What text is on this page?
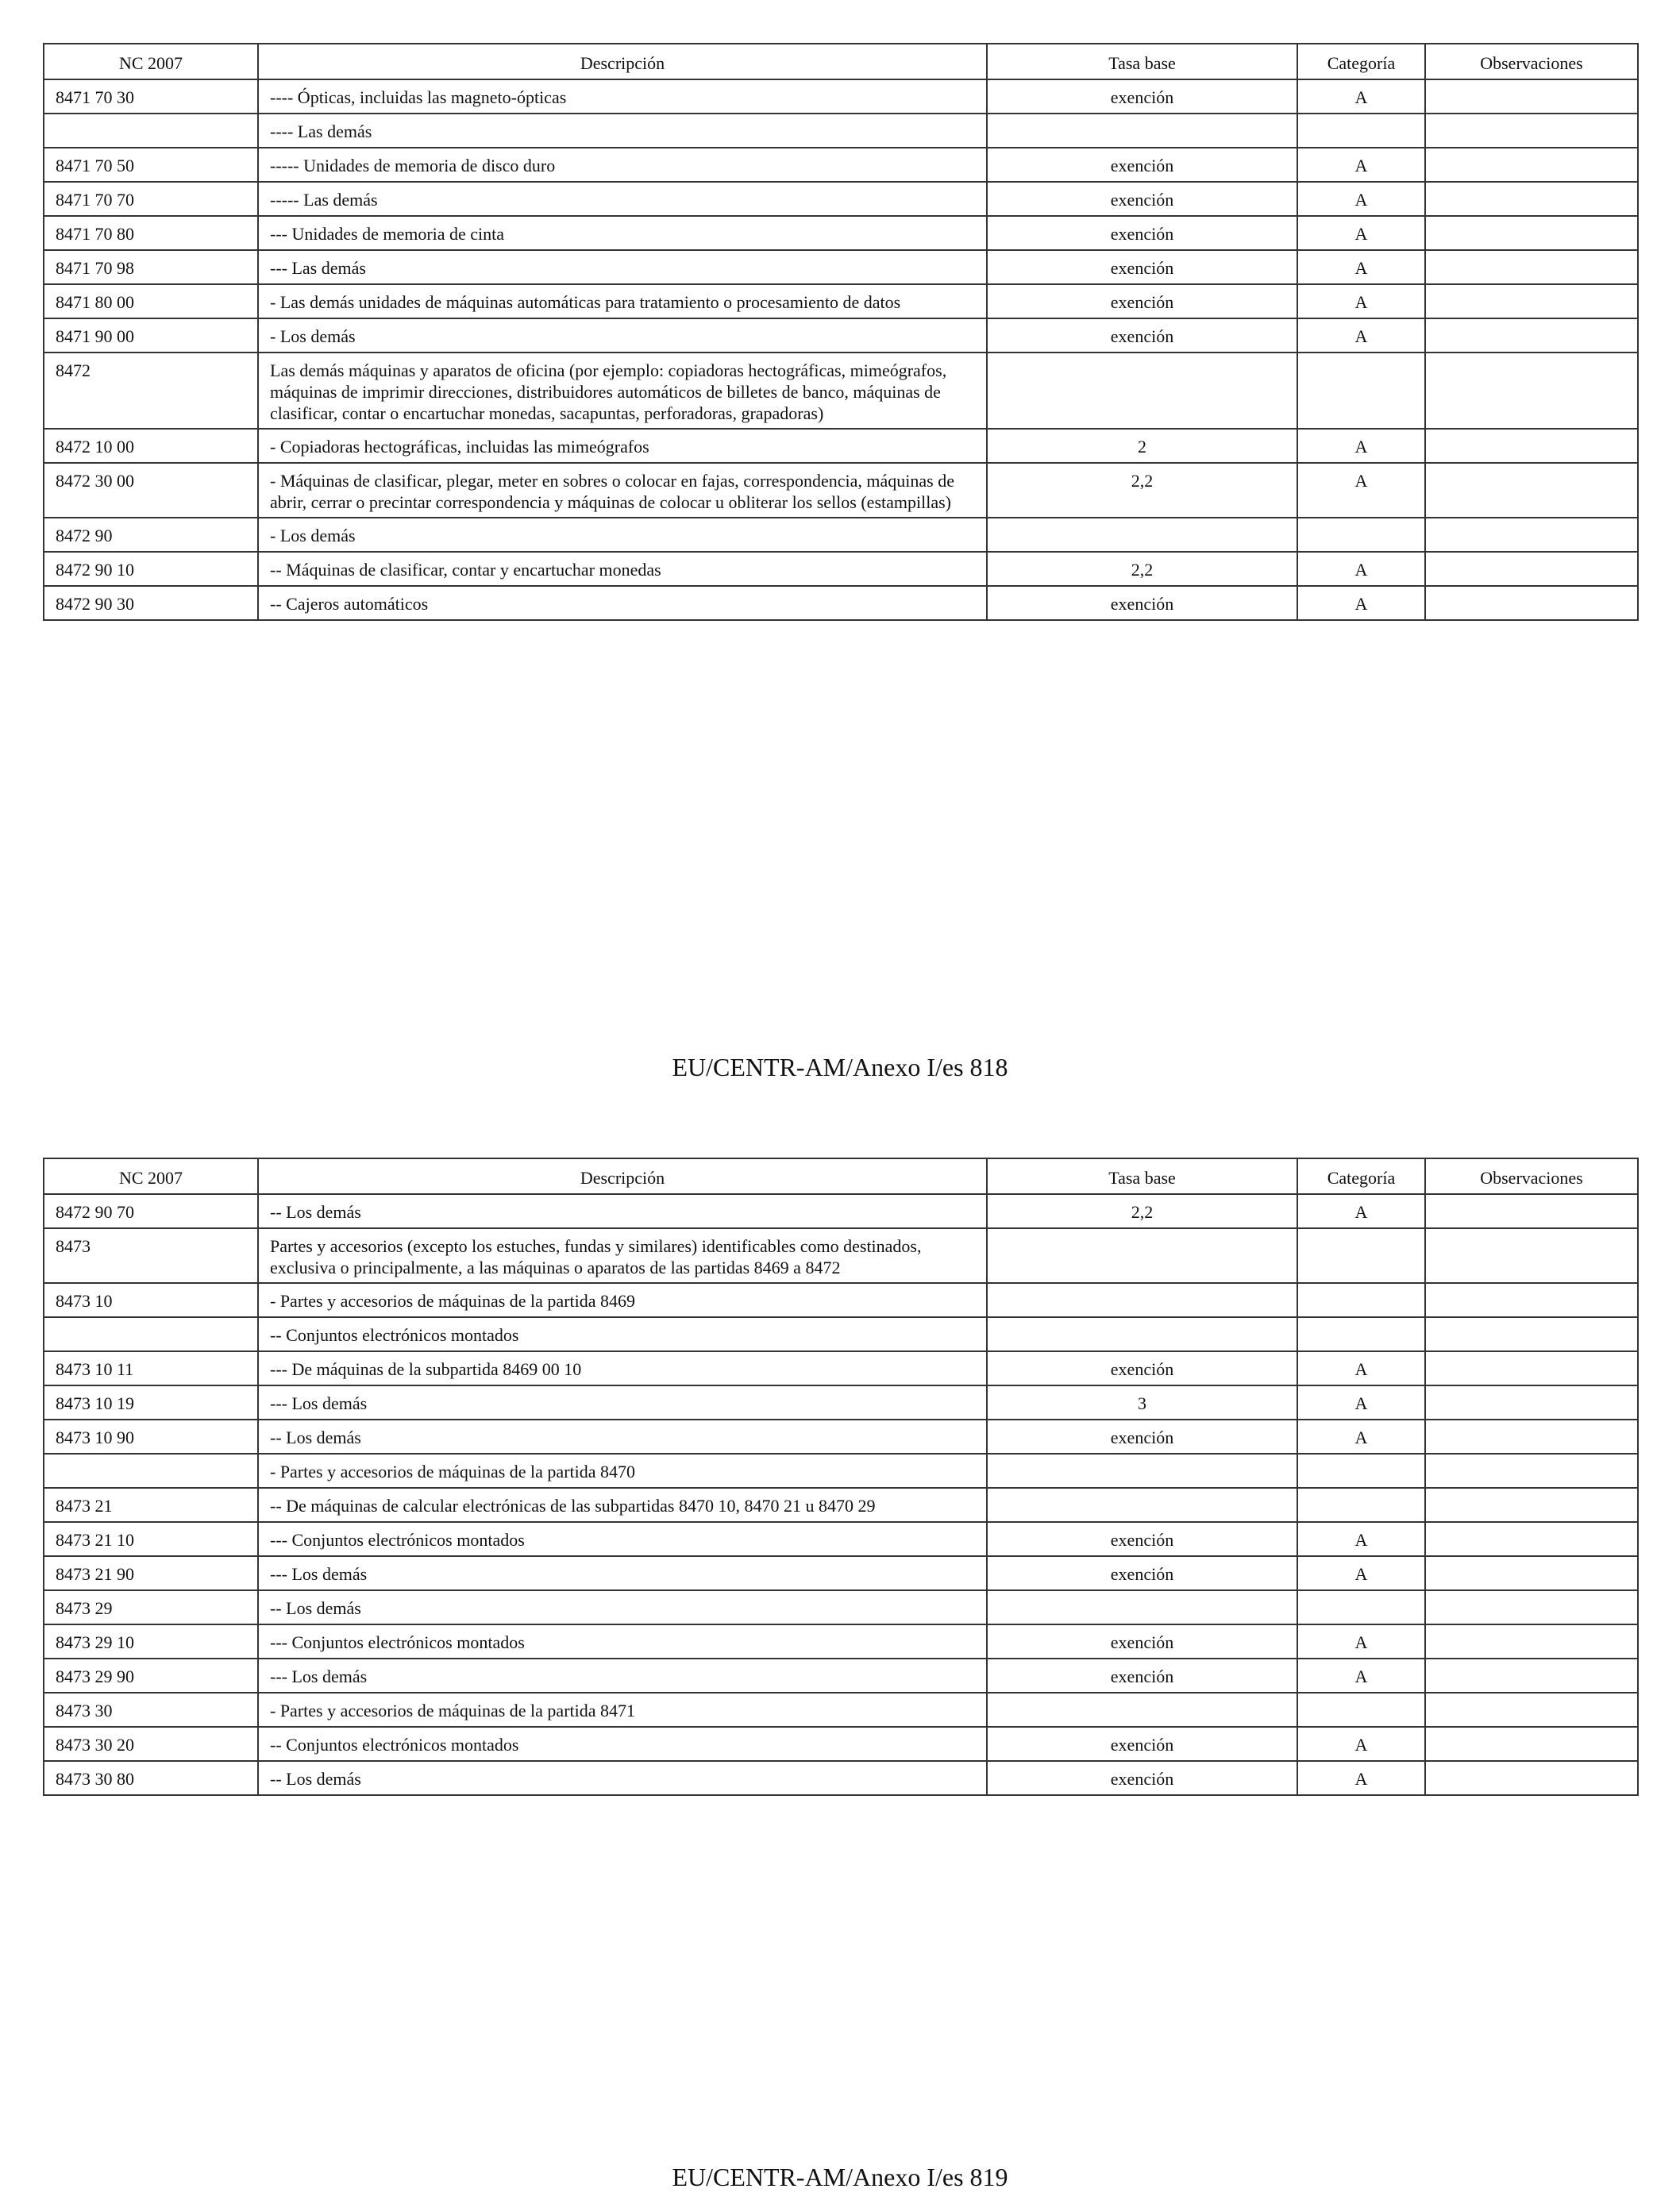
NC 2007	Descripción	Tasa base	Categoría	Observaciones
8471 70 30	---- Ópticas, incluidas las magneto-ópticas	exención	A	
	---- Las demás			
8471 70 50	----- Unidades de memoria de disco duro	exención	A	
8471 70 70	----- Las demás	exención	A	
8471 70 80	--- Unidades de memoria de cinta	exención	A	
8471 70 98	--- Las demás	exención	A	
8471 80 00	- Las demás unidades de máquinas automáticas para tratamiento o procesamiento de datos	exención	A	
8471 90 00	- Los demás	exención	A	
8472	Las demás máquinas y aparatos de oficina (por ejemplo: copiadoras hectográficas, mimeógrafos, máquinas de imprimir direcciones, distribuidores automáticos de billetes de banco, máquinas de clasificar, contar o encartuchar monedas, sacapuntas, perforadoras, grapadoras)			
8472 10 00	- Copiadoras hectográficas, incluidas las mimeógrafos	2	A	
8472 30 00	- Máquinas de clasificar, plegar, meter en sobres o colocar en fajas, correspondencia, máquinas de abrir, cerrar o precintar correspondencia y máquinas de colocar u obliterar los sellos (estampillas)	2,2	A	
8472 90	- Los demás			
8472 90 10	-- Máquinas de clasificar, contar y encartuchar monedas	2,2	A	
8472 90 30	-- Cajeros automáticos	exención	A	
EU/CENTR-AM/Anexo I/es 818
NC 2007	Descripción	Tasa base	Categoría	Observaciones
8472 90 70	-- Los demás	2,2	A	
8473	Partes y accesorios (excepto los estuches, fundas y similares) identificables como destinados, exclusiva o principalmente, a las máquinas o aparatos de las partidas 8469 a 8472			
8473 10	- Partes y accesorios de máquinas de la partida 8469			
	-- Conjuntos electrónicos montados			
8473 10 11	--- De máquinas de la subpartida 8469 00 10	exención	A	
8473 10 19	--- Los demás	3	A	
8473 10 90	-- Los demás	exención	A	
	- Partes y accesorios de máquinas de la partida 8470			
8473 21	-- De máquinas de calcular electrónicas de las subpartidas 8470 10, 8470 21 u 8470 29			
8473 21 10	--- Conjuntos electrónicos montados	exención	A	
8473 21 90	--- Los demás	exención	A	
8473 29	-- Los demás			
8473 29 10	--- Conjuntos electrónicos montados	exención	A	
8473 29 90	--- Los demás	exención	A	
8473 30	- Partes y accesorios de máquinas de la partida 8471			
8473 30 20	-- Conjuntos electrónicos montados	exención	A	
8473 30 80	-- Los demás	exención	A	
EU/CENTR-AM/Anexo I/es 819
